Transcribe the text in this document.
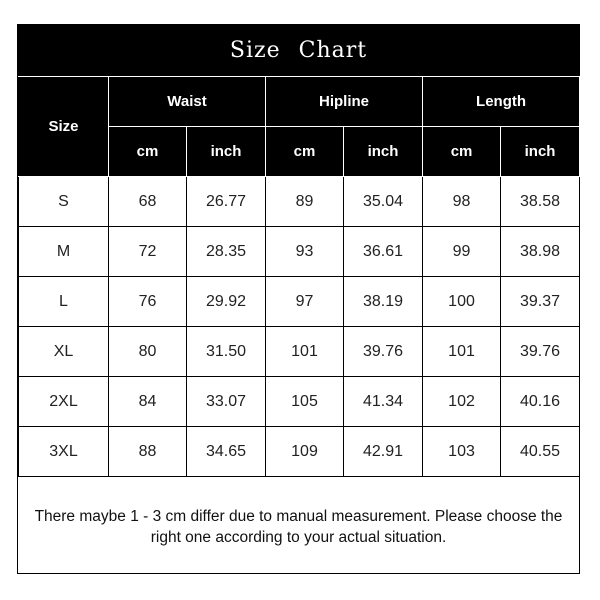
Size Chart
Size	Waist		Hipline		Length	
	cm	inch	cm	inch	cm	inch
S	68	26.77	89	35.04	98	38.58
M	72	28.35	93	36.61	99	38.98
L	76	29.92	97	38.19	100	39.37
XL	80	31.50	101	39.76	101	39.76
2XL	84	33.07	105	41.34	102	40.16
3XL	88	34.65	109	42.91	103	40.55
There maybe 1 - 3 cm differ due to manual measurement. Please choose the right one according to your actual situation.
